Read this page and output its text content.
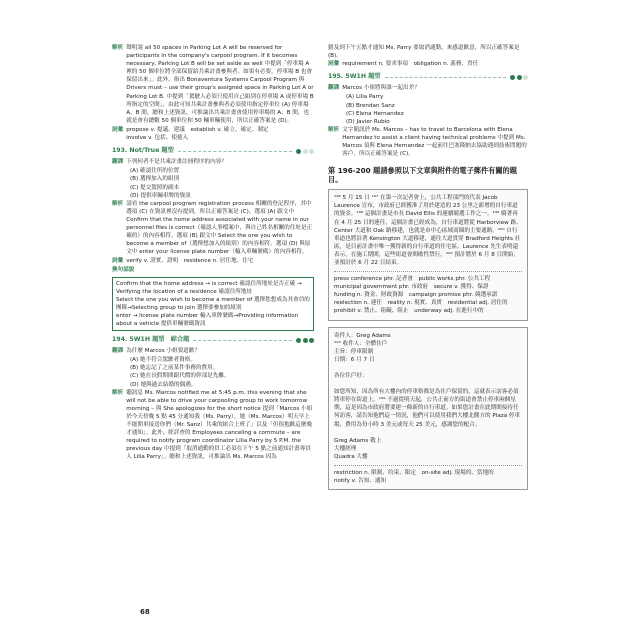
解析 聲明說 all 50 spaces in Parking Lot A will be reserved for participants in the company's carpool program. If it becomes necessary, Parking Lot B will be set aside as well 中提到「停車場 A 裡的 50 個車位將全部保留給共乘計畫參與者。如果有必要，停車場 B 也會保留出來」。此外，指出 Bonaventura Systems Carpool Program 與 Drivers must – use their group's assigned space in Parking Lot A or Parking Lot B. 中提到「駕駛人必須只使用自己組別在停車場 A 或停車場 B 所指定的空間」，由此可知共乘計畫參與者必須使用指定停車位 (A) 停車場 A、B 間，總和上述資訊，可推論出共乘計畫會使用停車場的 A、B 間，也就是會有總數 50 個車位和 50 輛車輛使用，所以正確答案是 (D)。
詞彙 propose v. 提議、建議　establish v. 確立、確定、制定
involve v. 包括、使捲入
193. Not/True 題型
翻譯 下列何者不是共乘計畫註冊程序的內容？
(A) 確認住所的位置
(B) 選擇加入的組別
(C) 提交駕照的副本
(D) 提供車輛車牌的資訊
解析 請看 the carpool program registration process 相關的登記程序，其中選項 (C) 在資訊裡沒有提到，所以正確答案是 (C)。選項 (A) 跟文中 Confirm that the home address associated with your name in our personnel files is correct（確認人事檔案中，與自己姓名相關的住址是正確的）的內容相符。選項 (B) 跟文中 Select the one you wish to become a member of（選擇想加入的組別）的內容相符。選項 (D) 與原文中 enter your license plate number（輸入車輛號碼）的內容相符。
詞彙 verify v. 證實、證明　residence n. 居住地、住宅
換句話說
Confirm that the home address → is correct 確認住所地址是否正確 → Verifying the location of a residence 確認住所地址
Select the one you wish to become a member of 選擇您想成為其會員的團隊→Selecting group to join 選擇要參加的組別
enter → license plate number 輸入車牌號碼→Providing information about a vehicle 提供車輛號碼資訊
194. 5W1H 題型　綜合題
翻譯 為什麼 Marcos 小姐要道歉？
(A) 她不符合駕駛者資格。
(B) 她忘記了之前某件事務的費用。
(C) 她在長假期間跟代價的幹部是先離。
(D) 她與過去結婚的偶遇。
解析 聽訊息 Ms. Marcos notified me at 5:45 p.m. this evening that she will not be able to drive your carpooling group to work tomorrow morning – 與 She apologizes for the short notice 提到「Marcos 小姐於今天傍晚 5 點 45 分通知我（Ms. Parry），她（Ms. Marcos）明天早上不能開車接送你們（Mr. Sanz）共乘的組合上班了」以及「但很抱歉這麼晚才通知」。此外，經詳查的 Employees canceling a commute – are required to notify program coordinator Lilia Parry by 5 P.M. the previous day 中提到「取消通勤的員工必須在下午 5 點之前通知計畫專員人 Lilia Parry」。總和上述資訊，可推論出 Ms. Marcos 因為
錯及到下午五點才通知 Ms. Parry 要取消通勤，來感道歉意，所以正確答案是 (B)。
詞彙 requirement n. 要求事項　obligation n. 義務、責任
195. 5W1H 題型
翻譯 Marcos 小姐將與誰一起出差？
(A) Lilia Parry
(B) Brendan Sanz
(C) Elena Hernandez
(D) Javier Rubio
解析 文字簡訊於 Ms. Marcos – has to travel to Barcelona with Elena Hernandez to assist a client having technical problems 中提到 Ms. Marcos 須與 Elena Hernandez 一起前往巴塞隆納去協助遇到技術問題的客戶，所以正確答案是 (C)。
第 196-200 題請參照以下文章與附件的電子郵件有關的題目。
¹⁹⁶ 5 月 15 日 ¹⁹⁷ 在第一次記者會上，公共工程部門的代表 Jacob Laurence 宣布，市政府已經獲准了用於建造的 23 公里之新增的自行車道的資金。¹⁹⁸ 這個計畫是市長 David Ellis 的連續競選工作之一。¹⁹⁹ 騎著再在 4 月 25 日的連任，這個計畫已經成為，自行車道將從 Harborview 路、Center 大道和 Oak 路移建，也就是市中心區域商圈的主要通路。²⁰⁰ 自行車道也將沿著 Kensington 大道移建，通往大道貫穿 Bradford Heights 社區，是目前計畫中唯一獲得新的自行車道的住宅區。Laurence 先生表明還表示，在施工期間，這些街道會間歇性禁行。²⁰⁰ 預計將於 6 月 8 日開始，並預計於 6 月 22 日結束。
press conference phr. 記者會　public works phr. 公共工程
municipal government phr. 市政府　secure v. 獲得、保證
funding n. 資金、財政資源　campaign promise phr. 競選承諾
reelection n. 連任　reality n. 現實、真實　residential adj. 居住的
prohibit v. 禁止、阻礙、阻止　underway adj. 在進行中的
寄件人：Greg Adams
²⁰⁰ 收件人：全體住戶
主旨：停車限制
日期：6 月 7 日

各位住戶好：

如您所知，因為所有大樓內的停車格都是為住戶保留的，這就表示訪客必須將車停在街道上。¹⁹⁹ 不過從明天起，公共正前方的街道會禁止停車兩個星期，這是因為市政府將要建一條新的自行車道。如果您計畫在此期間接待任何訪客，請告知他們這一情況，他們可以使用我們大樓北側方的 Plaza 停車場，費用為每小時 3 美元或每天 25 美元，感謝您的配合。

Greg Adams 敬上
大樓經理
Quadra 大樓
restriction n. 限制、約束、限定　on-site adj. 現場的、當地的
notify v. 告知、通知
68
